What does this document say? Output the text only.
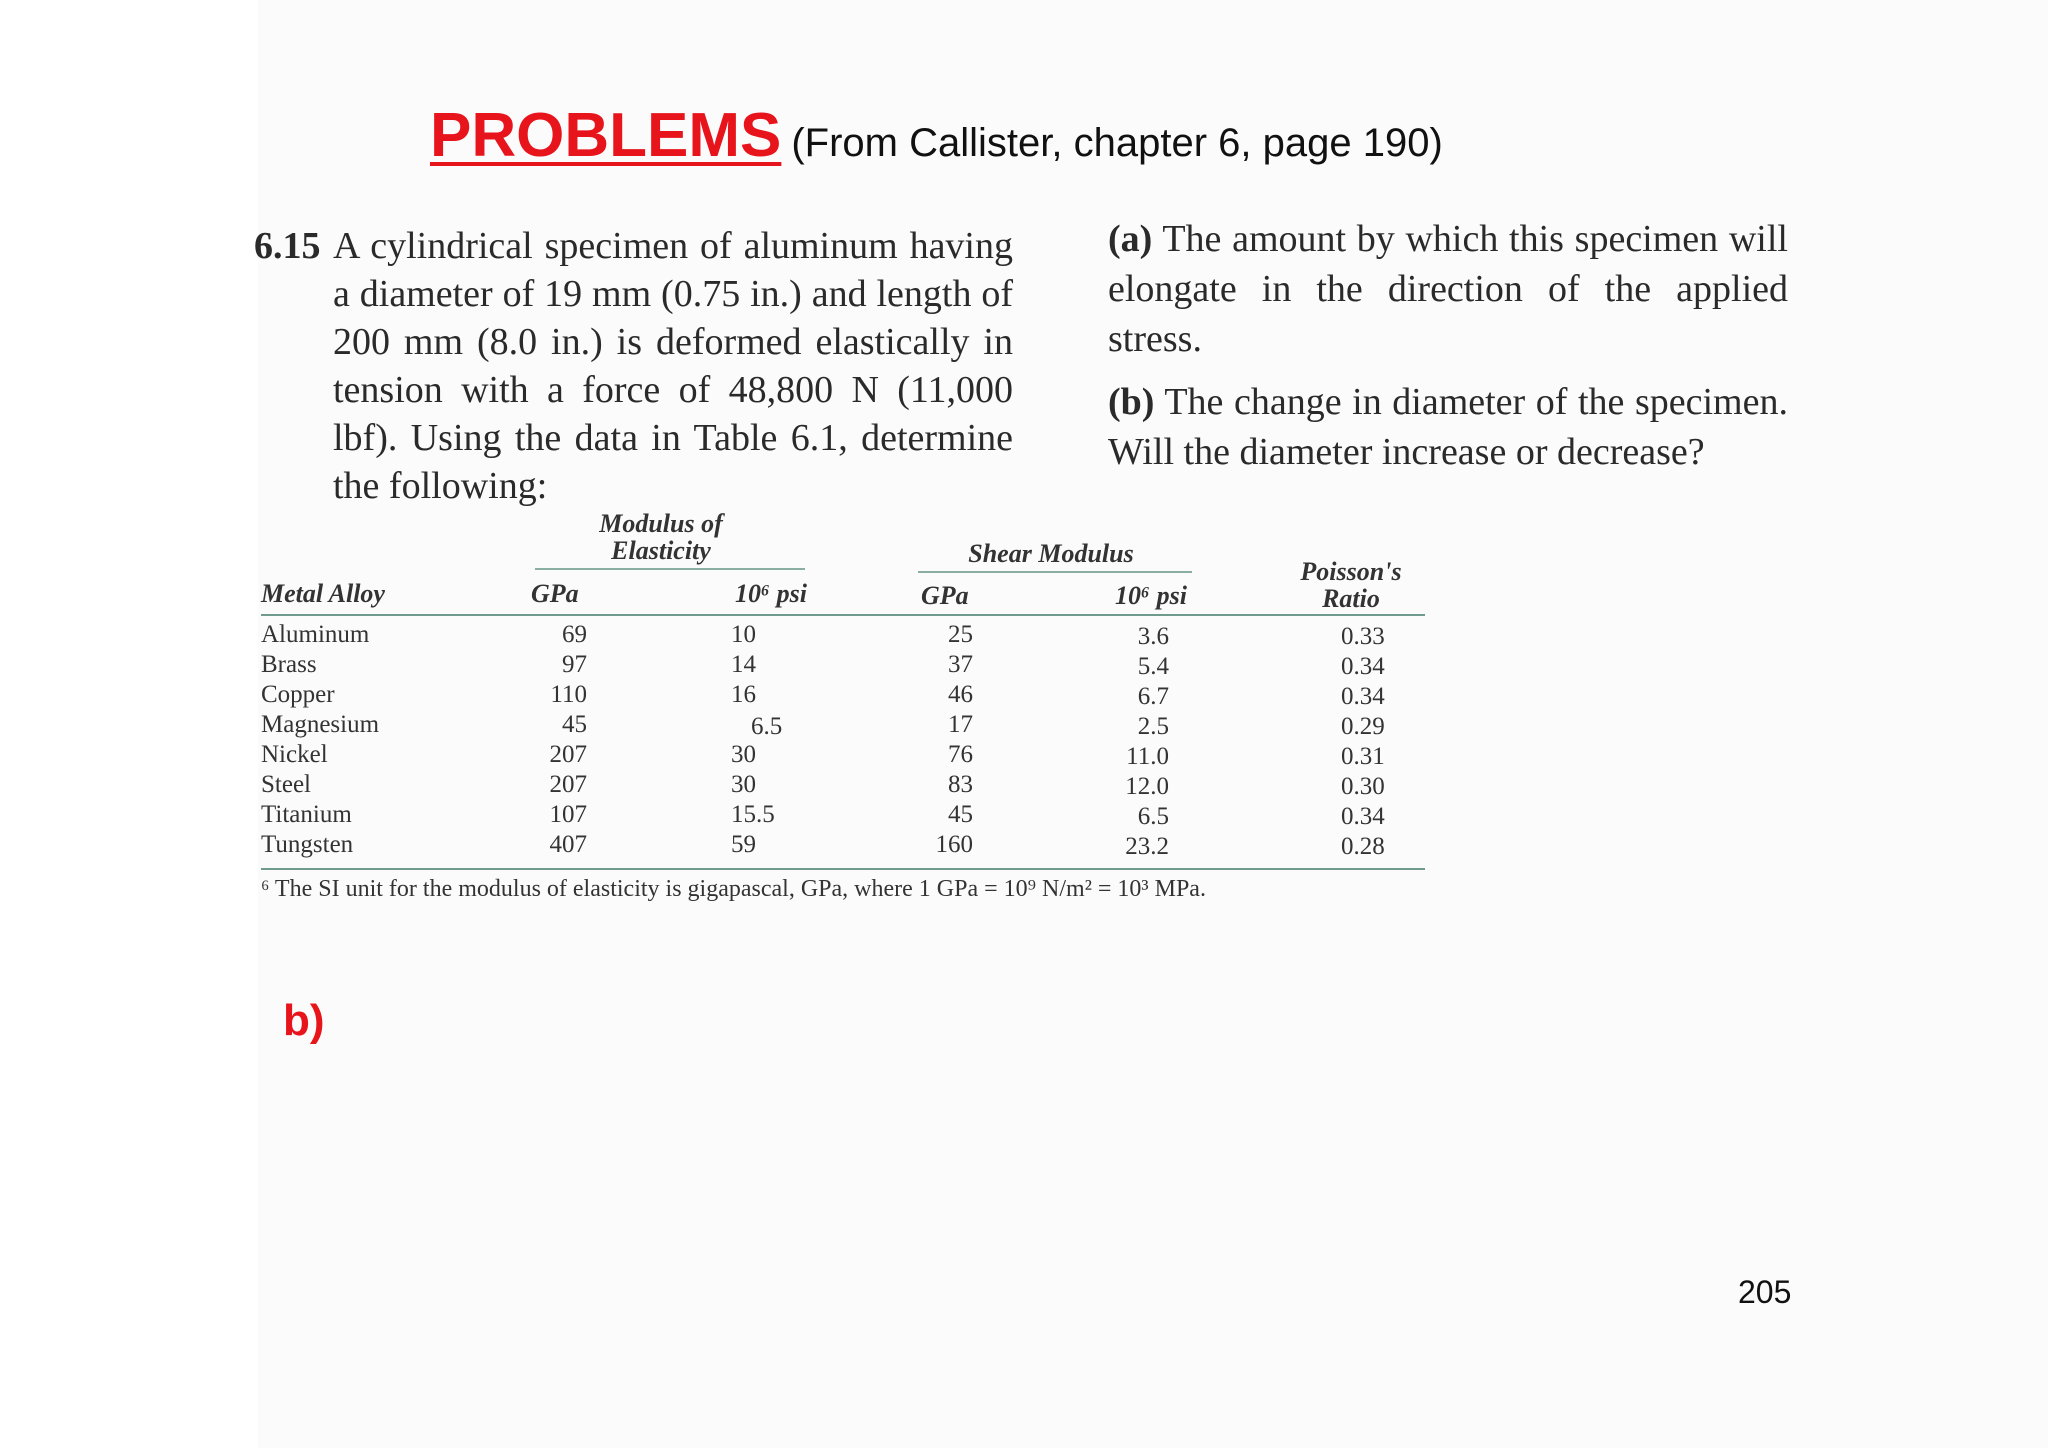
PROBLEMS (From Callister, chapter 6, page 190)
6.15 A cylindrical specimen of aluminum having a diameter of 19 mm (0.75 in.) and length of 200 mm (8.0 in.) is deformed elastically in tension with a force of 48,800 N (11,000 lbf). Using the data in Table 6.1, determine the following:
(a) The amount by which this specimen will elongate in the direction of the applied stress.
(b) The change in diameter of the specimen. Will the diameter increase or decrease?
Modulus of
Elasticity	Shear Modulus
Poisson's
Ratio
Metal Alloy	GPa	10⁶ psi	GPa	10⁶ psi
Aluminum	69	10	25	3.6	0.33
Brass	97	14	37	5.4	0.34
Copper	110	16	46	6.7	0.34
Magnesium	45	6.5	17	2.5	0.29
Nickel	207	30	76	11.0	0.31
Steel	207	30	83	12.0	0.30
Titanium	107	15.5	45	6.5	0.34
Tungsten	407	59	160	23.2	0.28
⁶ The SI unit for the modulus of elasticity is gigapascal, GPa, where 1 GPa = 10⁹ N/m² = 10³ MPa.
b)
205
